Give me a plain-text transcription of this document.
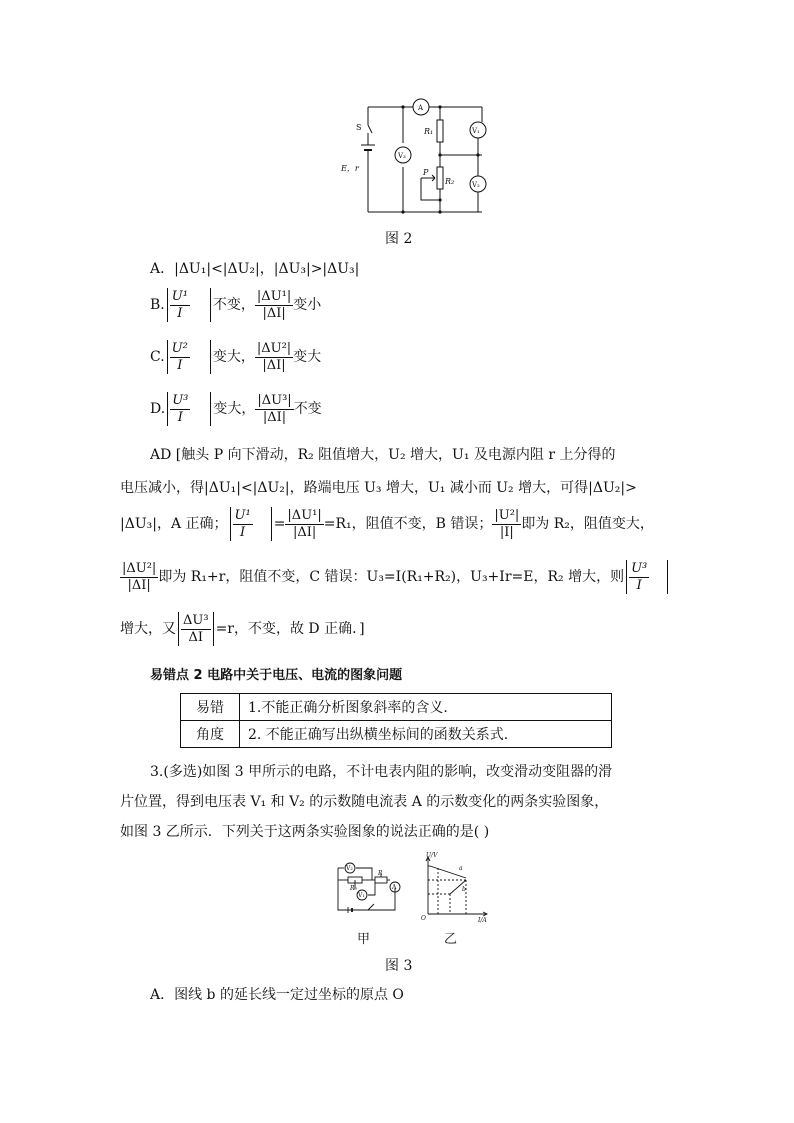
S
E，r
A
V₃
R₁
R₂
P
V₁
V₂
图 2
A．|ΔU₁|<|ΔU₂|，|ΔU₃|>|ΔU₃|
B. $\frac{\text{U¹}}{I}$ 不变， $\frac{\text{|ΔU¹|}}{|\Delta I|}$ 变小
C. $\frac{\text{U²}}{I}$ 变大， $\frac{\text{|ΔU²|}}{|\Delta I|}$ 变大
D. $\frac{\text{U³}}{I}$ 变大， $\frac{\text{|ΔU³|}}{|\Delta I|}$ 不变
AD [触头 P 向下滑动，R₂ 阻值增大，U₂ 增大，U₁ 及电源内阻 r 上分得的
电压减小，得|ΔU₁|<|ΔU₂|，路端电压 U₃ 增大，U₁ 减小而 U₂ 增大，可得|ΔU₂|>
|ΔU₃|，A 正确； $\frac{\text{U¹}}{I} = \frac{\text{|ΔU¹|}}{|\Delta I|} =R_1$，阻值不变，B 错误； $\frac{\text{|U²|}}{|I|}$ 即为 R₂，阻值变大，
$\frac{\text{|ΔU²|}}{|\Delta I|}$ 即为 R₁+r，阻值不变，C 错误：U₃=I(R₁+R₂)，U₃+Ir=E，R₂ 增大，则 $\frac{\text{U³}}{I}$
增大，又 $\frac{\text{ΔU³}}{\Delta I} =r$，不变，故 D 正确．]
易错点 2 电路中关于电压、电流的图象问题
易错	1.不能正确分析图象斜率的含义.
角度	2. 不能正确写出纵横坐标间的函数关系式.
3.(多选)如图 3 甲所示的电路，不计电表内阻的影响，改变滑动变阻器的滑
片位置，得到电压表 V₁ 和 V₂ 的示数随电流表 A 的示数变化的两条实验图象，
如图 3 乙所示．下列关于这两条实验图象的说法正确的是( )
V₂
R₀
R
A
V₁
U/V
I/A
O
a
b
甲	乙
图 3
A．图线 b 的延长线一定过坐标的原点 O
